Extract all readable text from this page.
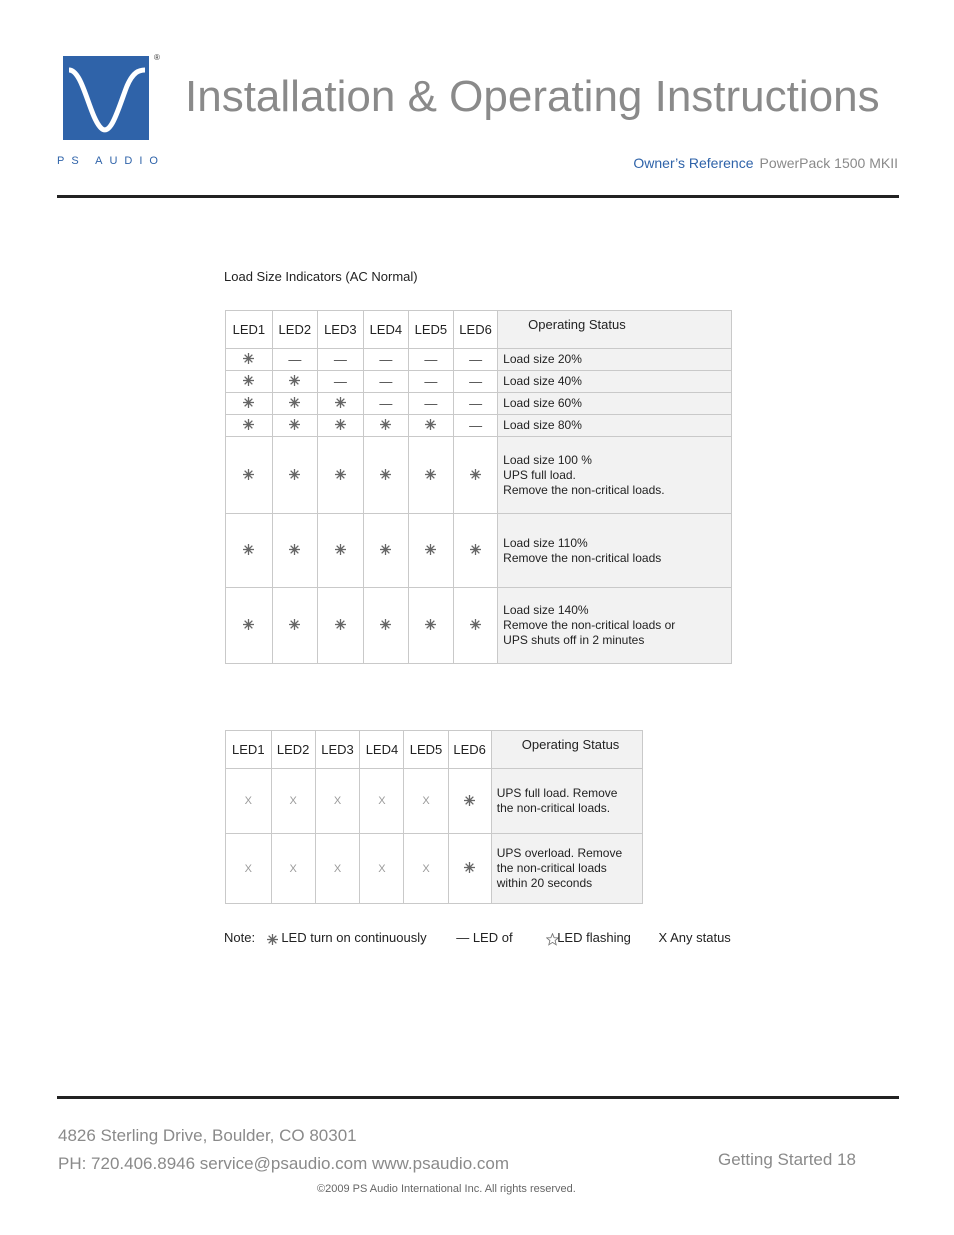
®
PS AUDIO
Installation & Operating Instructions
Owner’s Reference PowerPack 1500 MKII
Load Size Indicators (AC Normal)
LED1	LED2	LED3	LED4	LED5	LED6	Operating Status
	—	—	—	—	—	Load size 20%
		—	—	—	—	Load size 40%
			—	—	—	Load size 60%
					—	Load size 80%
						Load size 100 %
UPS full load.
Remove the non-critical loads.
						Load size 110%
Remove the non-critical loads
						Load size 140%
Remove the non-critical loads or
UPS shuts off in 2 minutes
LED1	LED2	LED3	LED4	LED5	LED6	Operating Status
X	X	X	X	X		UPS full load. Remove
the non-critical loads.
X	X	X	X	X		UPS overload. Remove
the non-critical loads
within 20 seconds
Note: LED turn on continuously — LED of	LED flashing X Any status
4826 Sterling Drive, Boulder, CO 80301
PH: 720.406.8946 service@psaudio.com www.psaudio.com	Getting Started 18
©2009 PS Audio International Inc. All rights reserved.
